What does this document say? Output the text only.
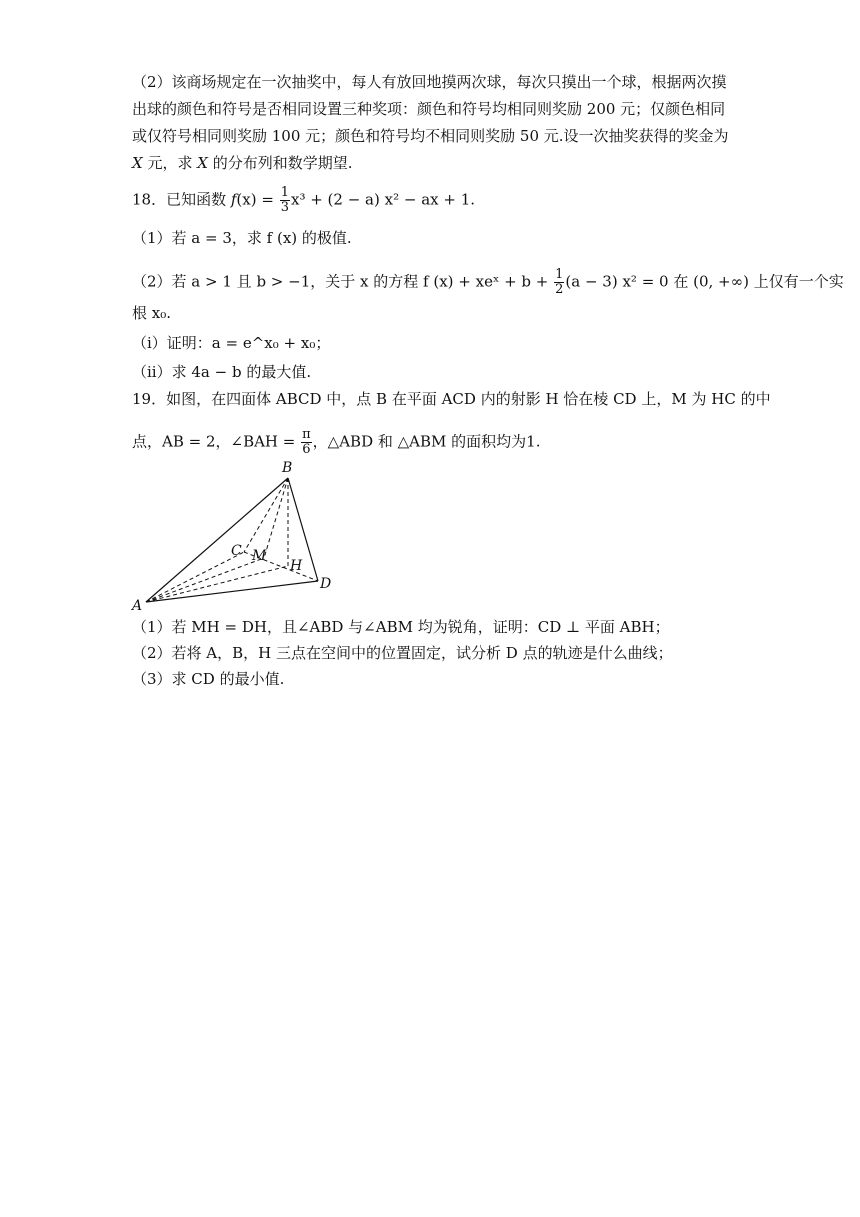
（2）该商场规定在一次抽奖中，每人有放回地摸两次球，每次只摸出一个球，根据两次摸
出球的颜色和符号是否相同设置三种奖项：颜色和符号均相同则奖励 200 元；仅颜色相同
或仅符号相同则奖励 100 元；颜色和符号均不相同则奖励 50 元.设一次抽奖获得的奖金为
X 元，求 X 的分布列和数学期望.
18．已知函数 $f(x) = \frac{1}{3} x^3 + (2 - a) x^2$ − ax + 1.
（1）若 a = 3，求 f (x) 的极值.
（2）若 a > 1 且 b > −1，关于 x 的方程 f (x) + xeˣ + $b + \frac{1}{2} (a - 3) x^2 = 0$ 在 (0, +∞) 上仅有一个实
根 x₀.
（i）证明：a = e^x₀ + x₀；
（ii）求 4a − b 的最大值.
19．如图，在四面体 ABCD 中，点 B 在平面 ACD 内的射影 H 恰在棱 CD 上，M 为 HC 的中
点，AB = 2，∠BAH = $\frac{\pi}{6}$ ，△ABD 和 △ABM 的面积均为1.
B
C M
H
D
A
（1）若 MH = DH，且∠ABD 与∠ABM 均为锐角，证明：CD ⊥ 平面 ABH；
（2）若将 A，B，H 三点在空间中的位置固定，试分析 D 点的轨迹是什么曲线；
（3）求 CD 的最小值.
